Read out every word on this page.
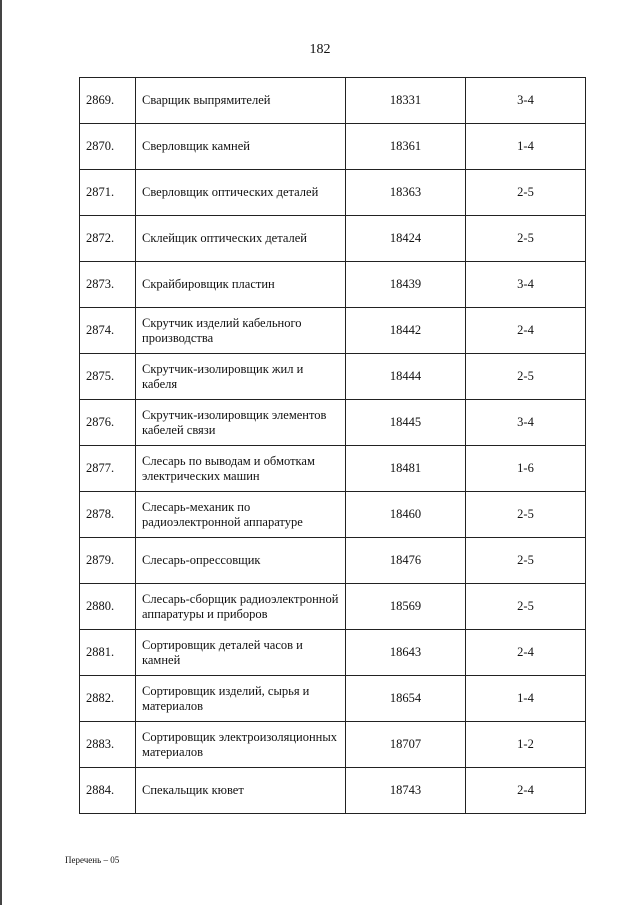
182
2869.	Сварщик выпрямителей	18331	3-4
2870.	Сверловщик камней	18361	1-4
2871.	Сверловщик оптических деталей	18363	2-5
2872.	Склейщик оптических деталей	18424	2-5
2873.	Скрайбировщик пластин	18439	3-4
2874.	Скрутчик изделий кабельного производства	18442	2-4
2875.	Скрутчик-изолировщик жил и кабеля	18444	2-5
2876.	Скрутчик-изолировщик элементов кабелей связи	18445	3-4
2877.	Слесарь по выводам и обмоткам электрических машин	18481	1-6
2878.	Слесарь-механик по радиоэлектронной аппаратуре	18460	2-5
2879.	Слесарь-опрессовщик	18476	2-5
2880.	Слесарь-сборщик радиоэлектронной аппаратуры и приборов	18569	2-5
2881.	Сортировщик деталей часов и камней	18643	2-4
2882.	Сортировщик изделий, сырья и материалов	18654	1-4
2883.	Сортировщик электроизоляционных материалов	18707	1-2
2884.	Спекальщик кювет	18743	2-4
Перечень – 05
